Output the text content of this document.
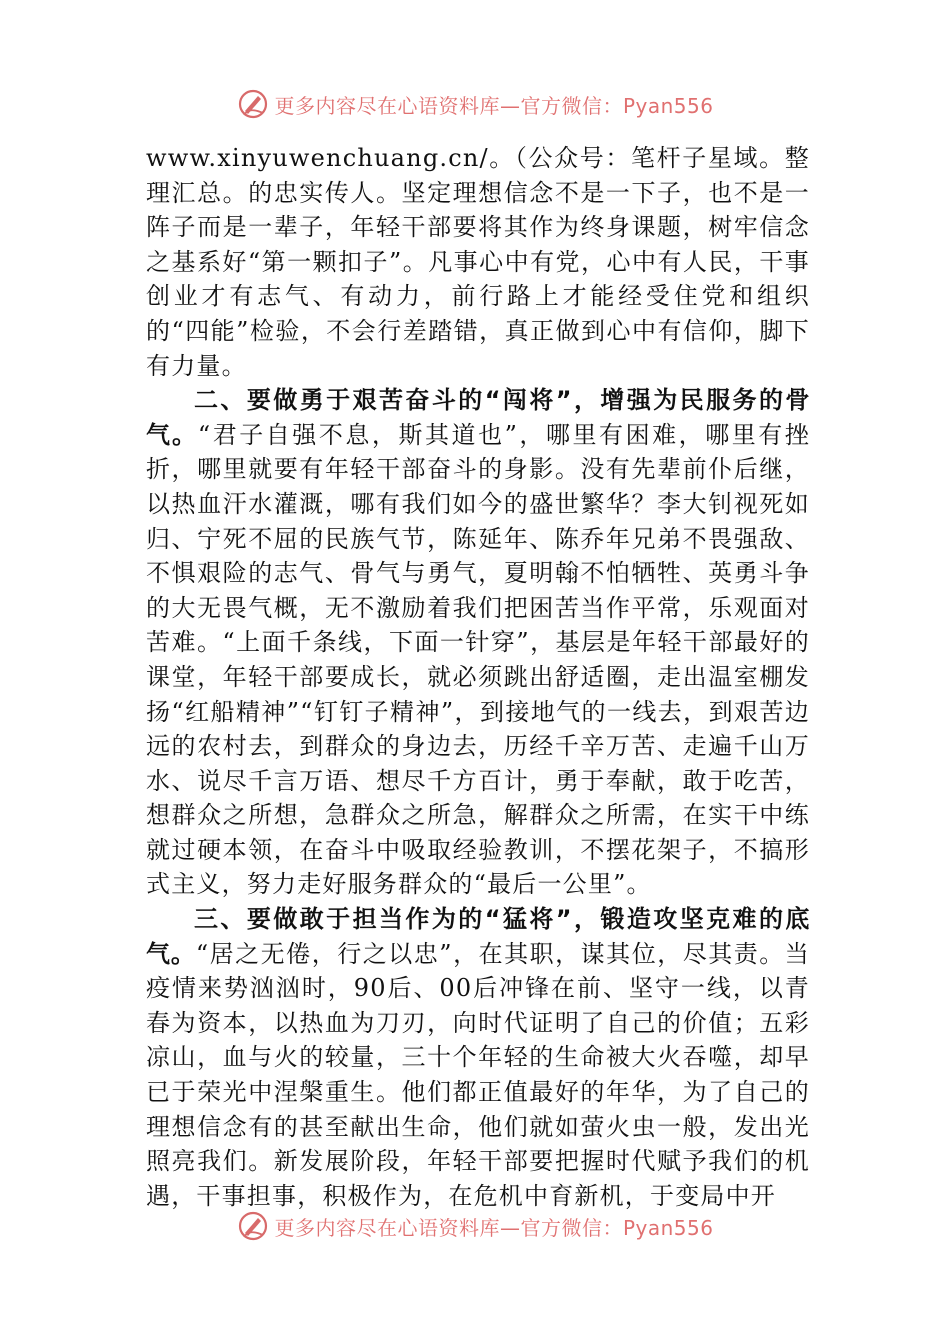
更多内容尽在心语资料库—官方微信：Pyan556

www.xinyuwenchuang.cn/。（公众号：笔杆子星域。整理汇总。的忠实传人。坚定理想信念不是一下子，也不是一阵子而是一辈子，年轻干部要将其作为终身课题，树牢信念之基系好“第一颗扣子”。凡事心中有党，心中有人民，干事创业才有志气、有动力，前行路上才能经受住党和组织的“四能”检验，不会行差踏错，真正做到心中有信仰，脚下有力量。

二、要做勇于艰苦奋斗的“闯将”，增强为民服务的骨气。“君子自强不息，斯其道也”，哪里有困难，哪里有挫折，哪里就要有年轻干部奋斗的身影。没有先辈前仆后继，以热血汗水灌溉，哪有我们如今的盛世繁华？李大钊视死如归、宁死不屈的民族气节，陈延年、陈乔年兄弟不畏强敌、不惧艰险的志气、骨气与勇气，夏明翰不怕牺牲、英勇斗争的大无畏气概，无不激励着我们把困苦当作平常，乐观面对苦难。“上面千条线，下面一针穿”，基层是年轻干部最好的课堂，年轻干部要成长，就必须跳出舒适圈，走出温室棚发扬“红船精神”“钉钉子精神”，到接地气的一线去，到艰苦边远的农村去，到群众的身边去，历经千辛万苦、走遍千山万水、说尽千言万语、想尽千方百计，勇于奉献，敢于吃苦，想群众之所想，急群众之所急，解群众之所需，在实干中练就过硬本领，在奋斗中吸取经验教训，不摆花架子，不搞形式主义，努力走好服务群众的“最后一公里”。

三、要做敢于担当作为的“猛将”，锻造攻坚克难的底气。“居之无倦，行之以忠”，在其职，谋其位，尽其责。当疫情来势汹汹时，90后、00后冲锋在前、坚守一线，以青春为资本，以热血为刀刃，向时代证明了自己的价值；五彩凉山，血与火的较量，三十个年轻的生命被大火吞噬，却早已于荣光中涅槃重生。他们都正值最好的年华，为了自己的理想信念有的甚至献出生命，他们就如萤火虫一般，发出光照亮我们。新发展阶段，年轻干部要把握时代赋予我们的机遇，干事担事，积极作为，在危机中育新机，于变局中开

更多内容尽在心语资料库—官方微信：Pyan556
